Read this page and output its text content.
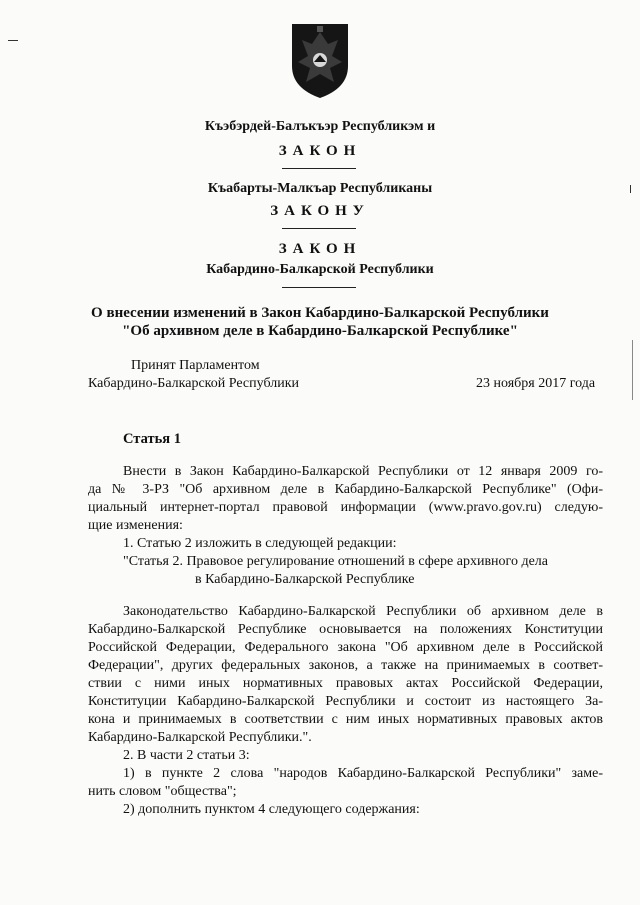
Къэбэрдей-Балъкъэр Республикэм и
ЗАКОН
Къабарты-Малкъар Республиканы
ЗАКОНУ
ЗАКОН
Кабардино-Балкарской Республики
О внесении изменений в Закон Кабардино-Балкарской Республики
"Об архивном деле в Кабардино-Балкарской Республике"
Принят Парламентом
Кабардино-Балкарской Республики	23 ноября 2017 года
Статья 1
Внести в Закон Кабардино-Балкарской Республики от 12 января 2009 го-
да № 3-РЗ "Об архивном деле в Кабардино-Балкарской Республике" (Офи-
циальный интернет-портал правовой информации (www.pravo.gov.ru) следую-
щие изменения:
1. Статью 2 изложить в следующей редакции:
"Статья 2. Правовое регулирование отношений в сфере архивного дела
в Кабардино-Балкарской Республике
Законодательство Кабардино-Балкарской Республики об архивном деле в
Кабардино-Балкарской Республике основывается на положениях Конституции
Российской Федерации, Федерального закона "Об архивном деле в Российской
Федерации", других федеральных законов, а также на принимаемых в соответ-
ствии с ними иных нормативных правовых актах Российской Федерации,
Конституции Кабардино-Балкарской Республики и состоит из настоящего За-
кона и принимаемых в соответствии с ним иных нормативных правовых актов
Кабардино-Балкарской Республики.".
2. В части 2 статьи 3:
1) в пункте 2 слова "народов Кабардино-Балкарской Республики" заме-
нить словом "общества";
2) дополнить пунктом 4 следующего содержания:
